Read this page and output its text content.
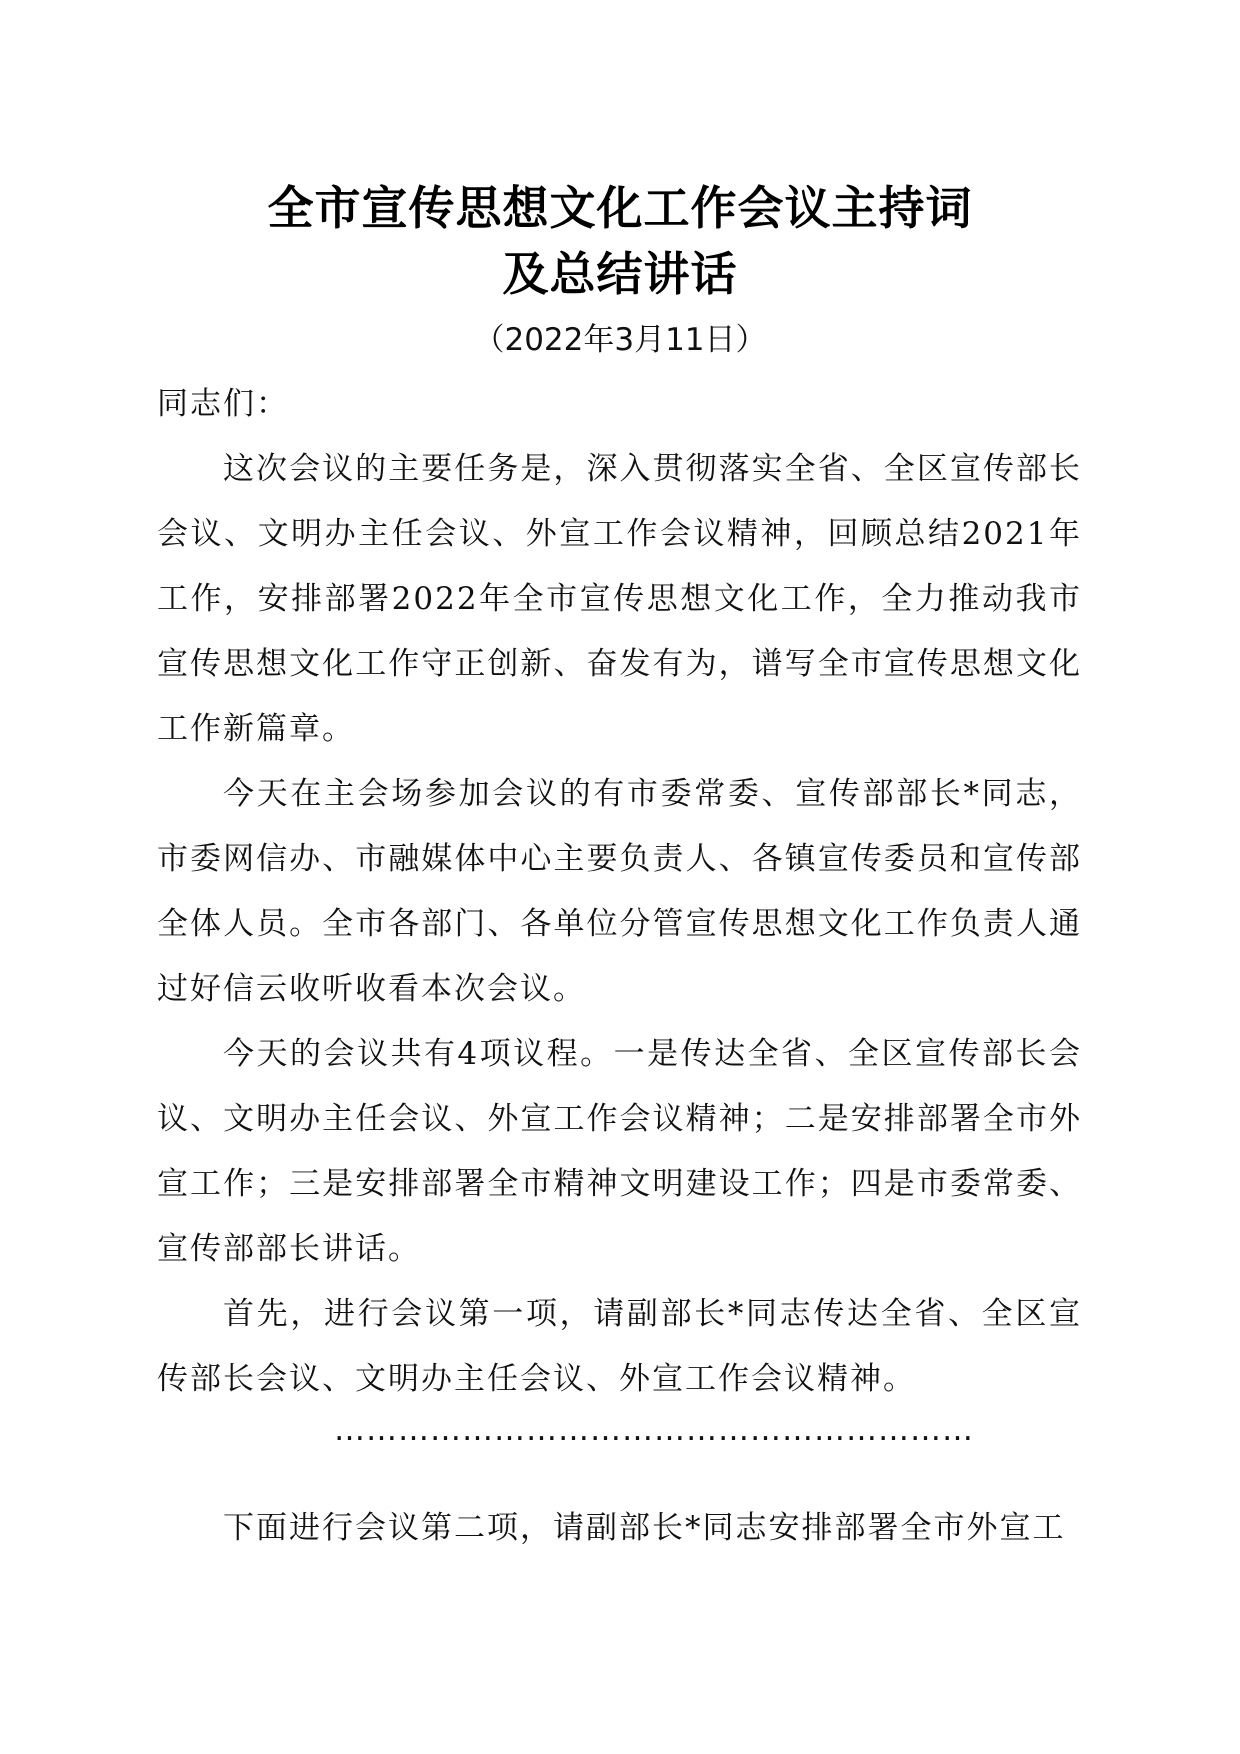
全市宣传思想文化工作会议主持词
及总结讲话
（2022年3月11日）

同志们：

这次会议的主要任务是，深入贯彻落实全省、全区宣传部长会议、文明办主任会议、外宣工作会议精神，回顾总结2021年工作，安排部署2022年全市宣传思想文化工作，全力推动我市宣传思想文化工作守正创新、奋发有为，谱写全市宣传思想文化工作新篇章。

今天在主会场参加会议的有市委常委、宣传部部长*同志，市委网信办、市融媒体中心主要负责人、各镇宣传委员和宣传部全体人员。全市各部门、各单位分管宣传思想文化工作负责人通过好信云收听收看本次会议。

今天的会议共有4项议程。一是传达全省、全区宣传部长会议、文明办主任会议、外宣工作会议精神；二是安排部署全市外宣工作；三是安排部署全市精神文明建设工作；四是市委常委、宣传部部长讲话。

首先，进行会议第一项，请副部长*同志传达全省、全区宣传部长会议、文明办主任会议、外宣工作会议精神。

……………………………………………………

下面进行会议第二项，请副部长*同志安排部署全市外宣工
